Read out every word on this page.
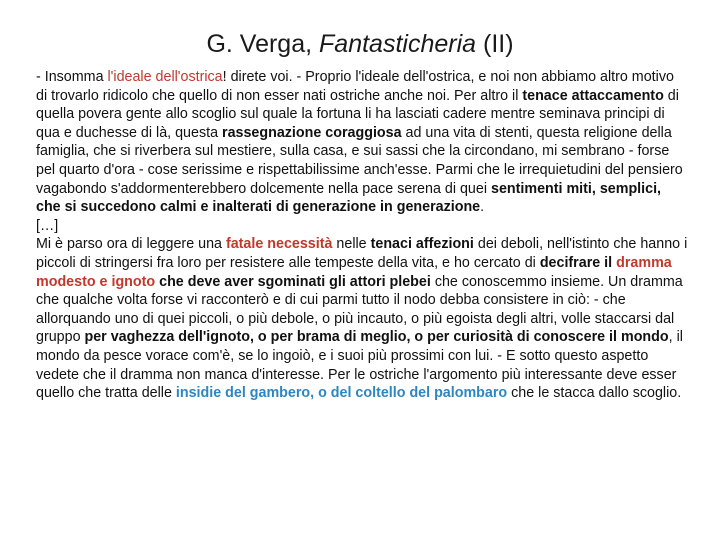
G. Verga, Fantasticheria (II)

- Insomma l'ideale dell'ostrica! direte voi. - Proprio l'ideale dell'ostrica, e noi non abbiamo altro motivo di trovarlo ridicolo che quello di non esser nati ostriche anche noi. Per altro il tenace attaccamento di quella povera gente allo scoglio sul quale la fortuna li ha lasciati cadere mentre seminava principi di qua e duchesse di là, questa rassegnazione coraggiosa ad una vita di stenti, questa religione della famiglia, che si riverbera sul mestiere, sulla casa, e sui sassi che la circondano, mi sembrano - forse pel quarto d'ora - cose serissime e rispettabilissime anch'esse. Parmi che le irrequietudini del pensiero vagabondo s'addormenterebbero dolcemente nella pace serena di quei sentimenti miti, semplici, che si succedono calmi e inalterati di generazione in generazione.

[…]

Mi è parso ora di leggere una fatale necessità nelle tenaci affezioni dei deboli, nell'istinto che hanno i piccoli di stringersi fra loro per resistere alle tempeste della vita, e ho cercato di decifrare il dramma modesto e ignoto che deve aver sgominati gli attori plebei che conoscemmo insieme. Un dramma che qualche volta forse vi racconterò e di cui parmi tutto il nodo debba consistere in ciò: - che allorquando uno di quei piccoli, o più debole, o più incauto, o più egoista degli altri, volle staccarsi dal gruppo per vaghezza dell'ignoto, o per brama di meglio, o per curiosità di conoscere il mondo, il mondo da pesce vorace com'è, se lo ingoiò, e i suoi più prossimi con lui. - E sotto questo aspetto vedete che il dramma non manca d'interesse. Per le ostriche l'argomento più interessante deve esser quello che tratta delle insidie del gambero, o del coltello del palombaro che le stacca dallo scoglio.
